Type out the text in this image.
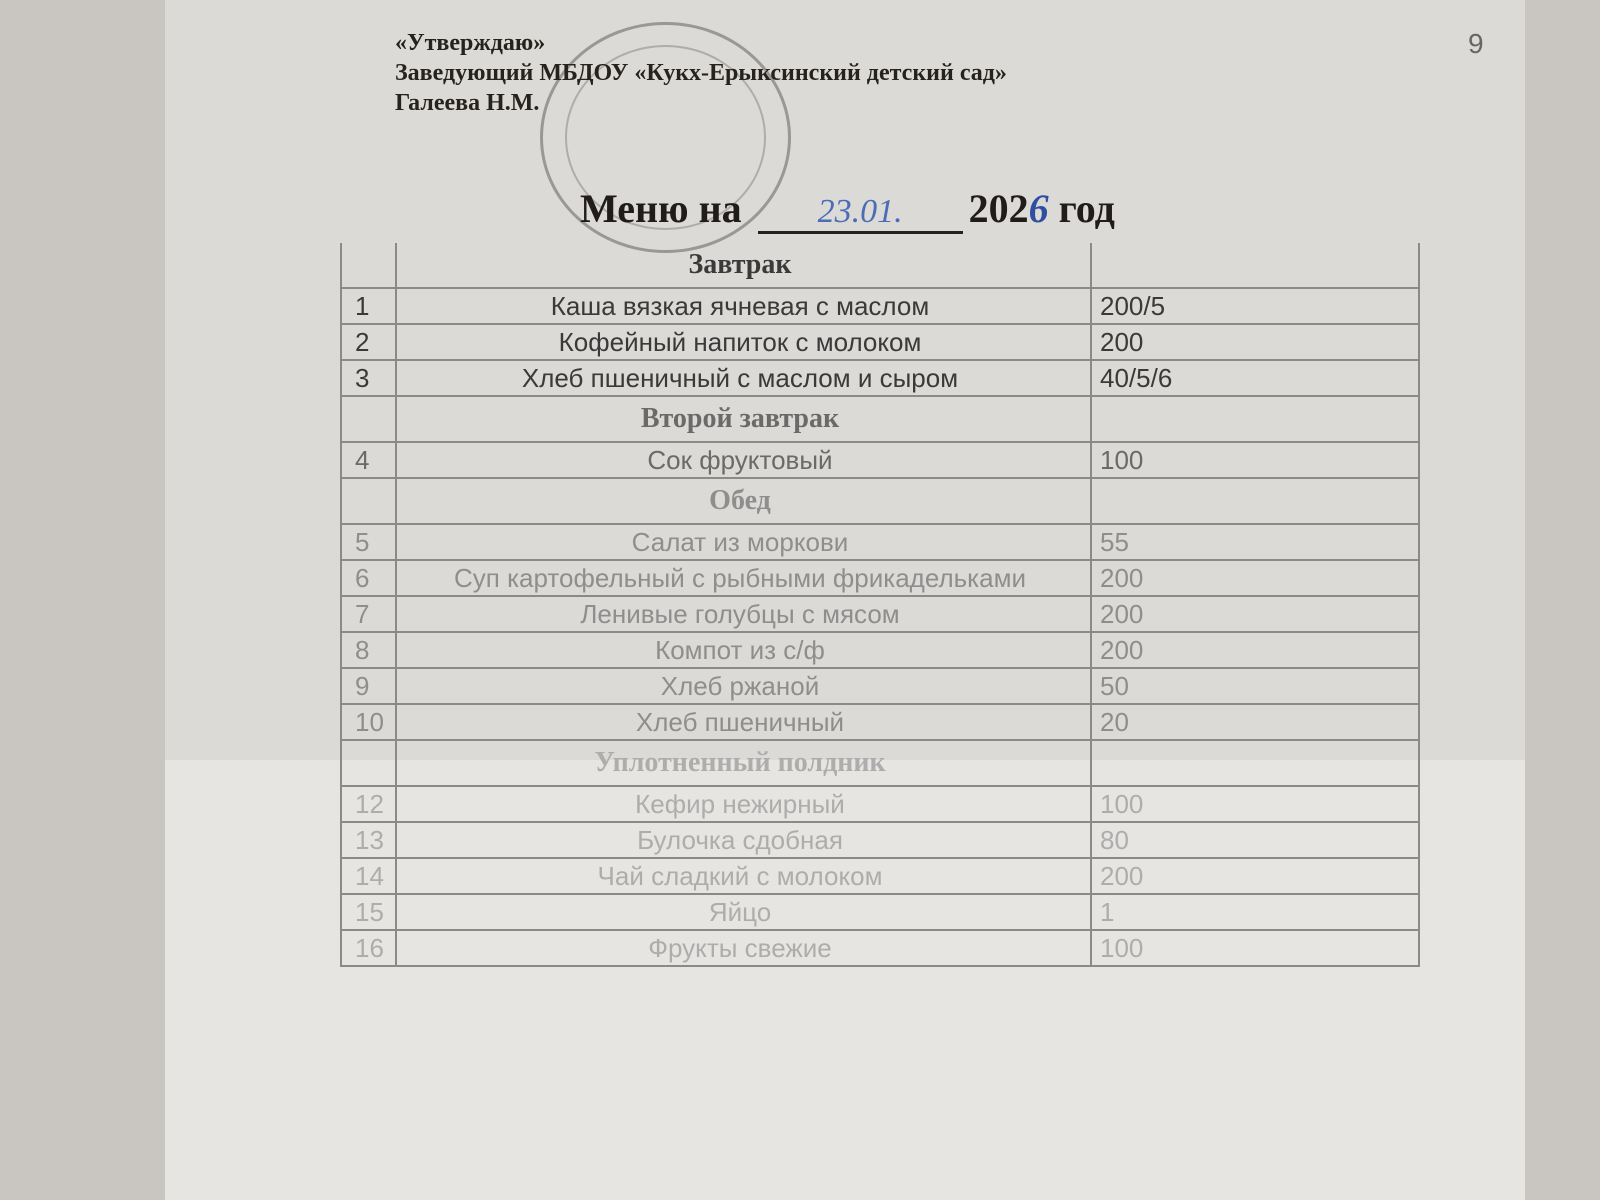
«Утверждаю»
Заведующий МБДОУ «Кукх-Ерыксинский детский сад»
Галеева Н.М.
9
Меню на 23.01. 2026 год
Завтрак
1	Каша вязкая ячневая с маслом	200/5
2	Кофейный напиток с молоком	200
3	Хлеб пшеничный с маслом и сыром	40/5/6
Второй завтрак
4	Сок фруктовый	100
Обед
5	Салат из моркови	55
6	Суп картофельный с рыбными фрикадельками	200
7	Ленивые голубцы с мясом	200
8	Компот из с/ф	200
9	Хлеб ржаной	50
10	Хлеб пшеничный	20
Уплотненный полдник
12	Кефир нежирный	100
13	Булочка сдобная	80
14	Чай сладкий с молоком	200
15	Яйцо	1
16	Фрукты свежие	100
